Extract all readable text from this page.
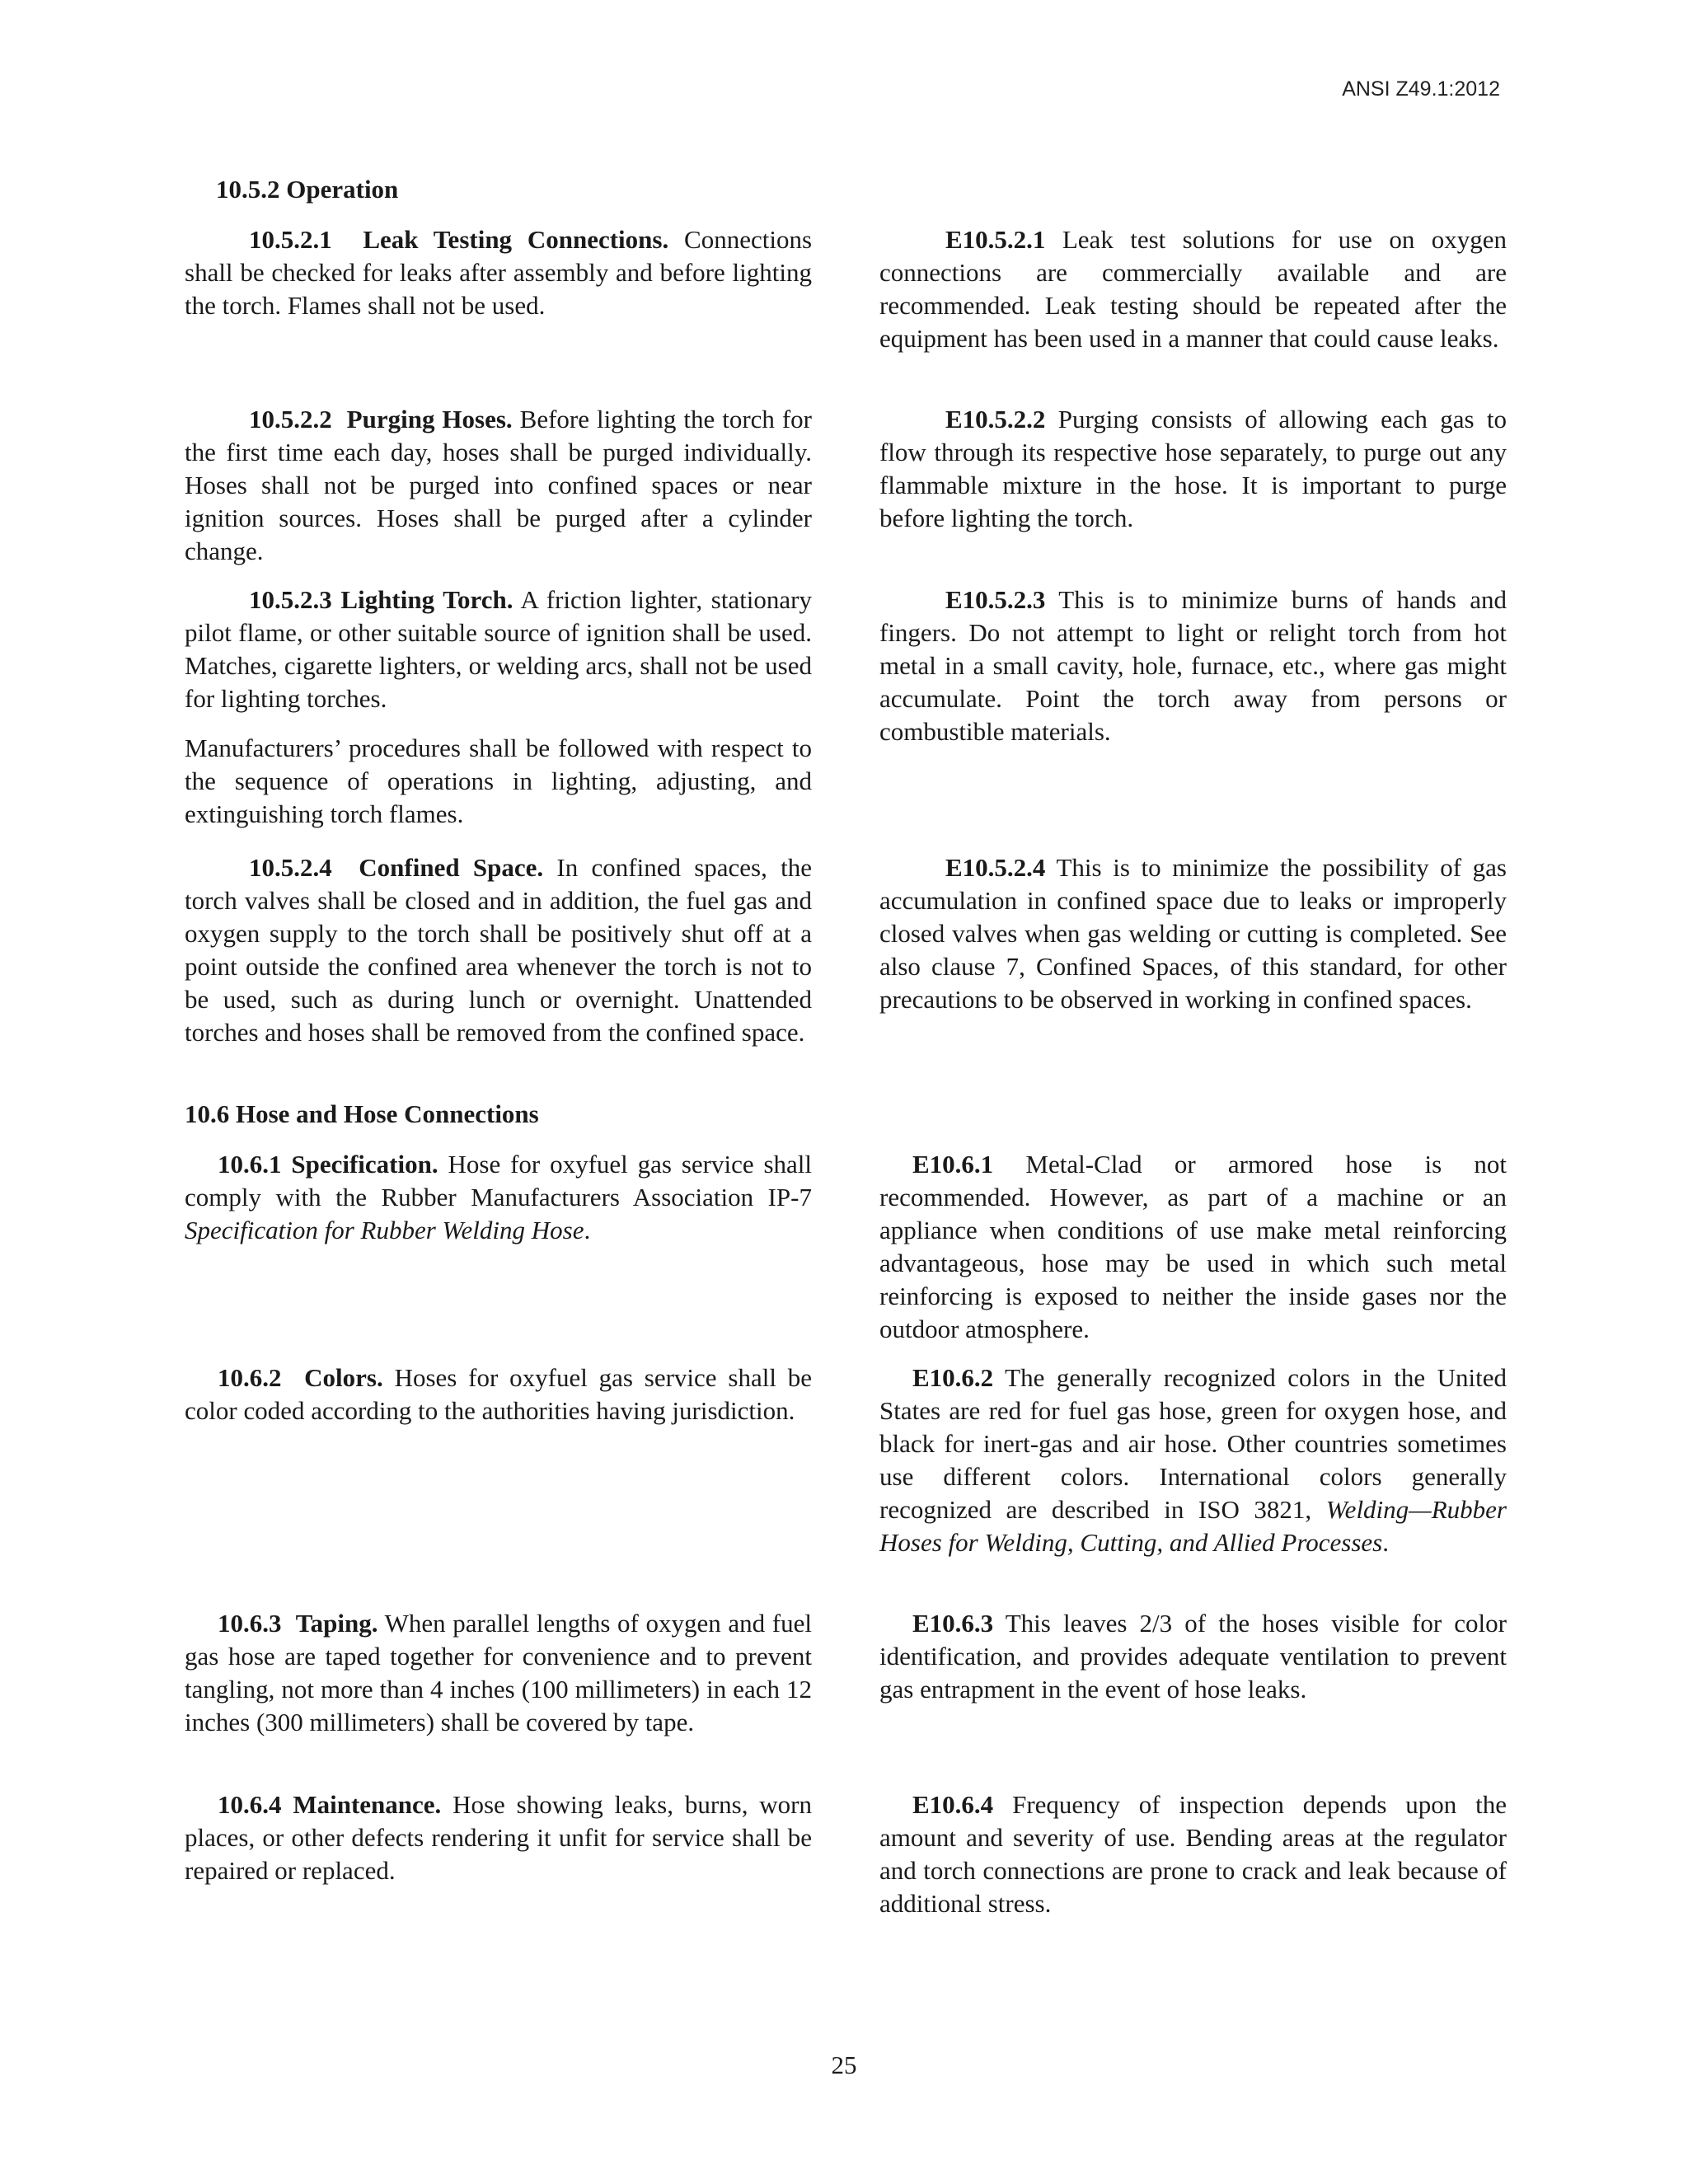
ANSI Z49.1:2012
10.5.2 Operation

10.5.2.1 Leak Testing Connections. Connections shall be checked for leaks after assembly and before lighting the torch. Flames shall not be used.

E10.5.2.1 Leak test solutions for use on oxygen connections are commercially available and are recommended. Leak testing should be repeated after the equipment has been used in a manner that could cause leaks.

10.5.2.2 Purging Hoses. Before lighting the torch for the first time each day, hoses shall be purged individually. Hoses shall not be purged into confined spaces or near ignition sources. Hoses shall be purged after a cylinder change.

E10.5.2.2 Purging consists of allowing each gas to flow through its respective hose separately, to purge out any flammable mixture in the hose. It is important to purge before lighting the torch.

10.5.2.3 Lighting Torch. A friction lighter, stationary pilot flame, or other suitable source of ignition shall be used. Matches, cigarette lighters, or welding arcs, shall not be used for lighting torches.

Manufacturers’ procedures shall be followed with respect to the sequence of operations in lighting, adjusting, and extinguishing torch flames.

E10.5.2.3 This is to minimize burns of hands and fingers. Do not attempt to light or relight torch from hot metal in a small cavity, hole, furnace, etc., where gas might accumulate. Point the torch away from persons or combustible materials.

10.5.2.4 Confined Space. In confined spaces, the torch valves shall be closed and in addition, the fuel gas and oxygen supply to the torch shall be positively shut off at a point outside the confined area whenever the torch is not to be used, such as during lunch or overnight. Unattended torches and hoses shall be removed from the confined space.

E10.5.2.4 This is to minimize the possibility of gas accumulation in confined space due to leaks or improperly closed valves when gas welding or cutting is completed. See also clause 7, Confined Spaces, of this standard, for other precautions to be observed in working in confined spaces.

10.6 Hose and Hose Connections

10.6.1 Specification. Hose for oxyfuel gas service shall comply with the Rubber Manufacturers Association IP-7 Specification for Rubber Welding Hose.

E10.6.1 Metal-Clad or armored hose is not recommended. However, as part of a machine or an appliance when conditions of use make metal reinforcing advantageous, hose may be used in which such metal reinforcing is exposed to neither the inside gases nor the outdoor atmosphere.

10.6.2 Colors. Hoses for oxyfuel gas service shall be color coded according to the authorities having jurisdiction.

E10.6.2 The generally recognized colors in the United States are red for fuel gas hose, green for oxygen hose, and black for inert-gas and air hose. Other countries sometimes use different colors. International colors generally recognized are described in ISO 3821, Welding—Rubber Hoses for Welding, Cutting, and Allied Processes.

10.6.3 Taping. When parallel lengths of oxygen and fuel gas hose are taped together for convenience and to prevent tangling, not more than 4 inches (100 millimeters) in each 12 inches (300 millimeters) shall be covered by tape.

E10.6.3 This leaves 2/3 of the hoses visible for color identification, and provides adequate ventilation to prevent gas entrapment in the event of hose leaks.

10.6.4 Maintenance. Hose showing leaks, burns, worn places, or other defects rendering it unfit for service shall be repaired or replaced.

E10.6.4 Frequency of inspection depends upon the amount and severity of use. Bending areas at the regulator and torch connections are prone to crack and leak because of additional stress.

25
